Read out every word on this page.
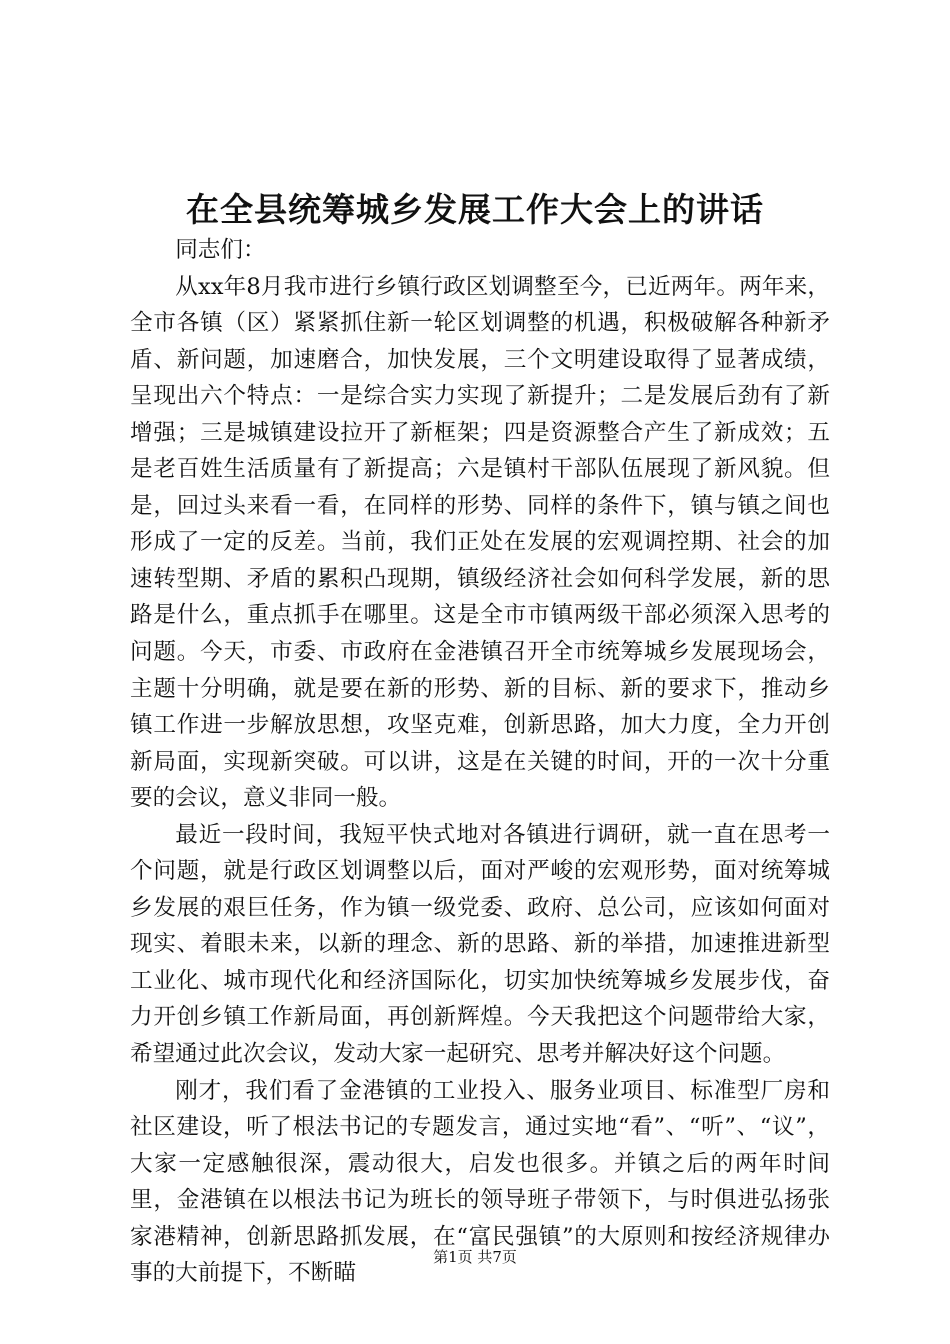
在全县统筹城乡发展工作大会上的讲话

同志们：

从xx年8月我市进行乡镇行政区划调整至今，已近两年。两年来，全市各镇（区）紧紧抓住新一轮区划调整的机遇，积极破解各种新矛盾、新问题，加速磨合，加快发展，三个文明建设取得了显著成绩，呈现出六个特点：一是综合实力实现了新提升；二是发展后劲有了新增强；三是城镇建设拉开了新框架；四是资源整合产生了新成效；五是老百姓生活质量有了新提高；六是镇村干部队伍展现了新风貌。但是，回过头来看一看，在同样的形势、同样的条件下，镇与镇之间也形成了一定的反差。当前，我们正处在发展的宏观调控期、社会的加速转型期、矛盾的累积凸现期，镇级经济社会如何科学发展，新的思路是什么，重点抓手在哪里。这是全市市镇两级干部必须深入思考的问题。今天，市委、市政府在金港镇召开全市统筹城乡发展现场会，主题十分明确，就是要在新的形势、新的目标、新的要求下，推动乡镇工作进一步解放思想，攻坚克难，创新思路，加大力度，全力开创新局面，实现新突破。可以讲，这是在关键的时间，开的一次十分重要的会议，意义非同一般。

最近一段时间，我短平快式地对各镇进行调研，就一直在思考一个问题，就是行政区划调整以后，面对严峻的宏观形势，面对统筹城乡发展的艰巨任务，作为镇一级党委、政府、总公司，应该如何面对现实、着眼未来，以新的理念、新的思路、新的举措，加速推进新型工业化、城市现代化和经济国际化，切实加快统筹城乡发展步伐，奋力开创乡镇工作新局面，再创新辉煌。今天我把这个问题带给大家，希望通过此次会议，发动大家一起研究、思考并解决好这个问题。

刚才，我们看了金港镇的工业投入、服务业项目、标准型厂房和社区建设，听了根法书记的专题发言，通过实地“看”、“听”、“议”，大家一定感触很深，震动很大，启发也很多。并镇之后的两年时间里，金港镇在以根法书记为班长的领导班子带领下，与时俱进弘扬张家港精神，创新思路抓发展，在“富民强镇”的大原则和按经济规律办事的大前提下，不断瞄

第1页 共7页
